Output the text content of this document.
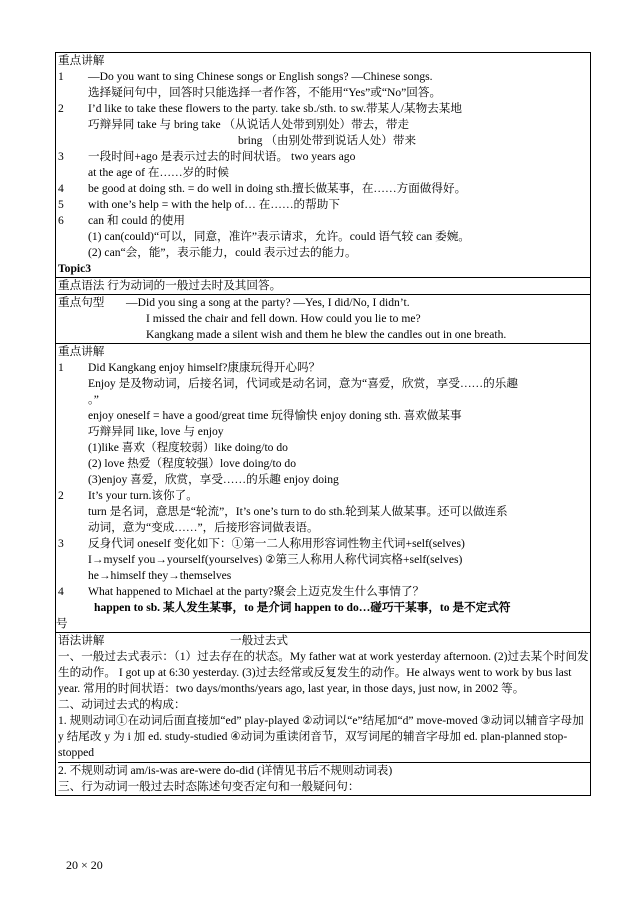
重点讲解
1	—Do you want to sing Chinese songs or English songs? —Chinese songs.
选择疑问句中，回答时只能选择一者作答，不能用“Yes”或“No”回答。
2	I’d like to take these flowers to the party. take sb./sth. to sw.带某人/某物去某地
巧辩异同 take 与 bring take （从说话人处带到别处）带去，带走
bring （由别处带到说话人处）带来
3	一段时间+ago 是表示过去的时间状语。 two years ago
at the age of 在……岁的时候
4	be good at doing sth. = do well in doing sth.擅长做某事，在……方面做得好。
5	with one’s help = with the help of… 在……的帮助下
6	can 和 could 的使用
(1) can(could)“可以，同意，准许”表示请求，允许。could 语气较 can 委婉。
(2) can“会，能”，表示能力，could 表示过去的能力。
Topic3

重点语法 行为动词的一般过去时及其回答。

重点句型 —Did you sing a song at the party? —Yes, I did/No, I didn’t.
I missed the chair and fell down. How could you lie to me?
Kangkang made a silent wish and them he blew the candles out in one breath.

重点讲解
1	Did Kangkang enjoy himself?康康玩得开心吗？
Enjoy 是及物动词，后接名词，代词或是动名词，意为“喜爱，欣赏，享受……的乐趣
。”
enjoy oneself = have a good/great time 玩得愉快 enjoy doning sth. 喜欢做某事
巧辩异同 like, love 与 enjoy
(1)like 喜欢（程度较弱）like doing/to do
(2) love 热爱（程度较强）love doing/to do
(3)enjoy 喜爱，欣赏，享受……的乐趣 enjoy doing
2	It’s your turn.该你了。
turn 是名词，意思是“轮流”，It’s one’s turn to do sth.轮到某人做某事。还可以做连系
动词，意为“变成……”，后接形容词做表语。
3	反身代词 oneself 变化如下：①第一二人称用形容词性物主代词+self(selves)
I→myself you→yourself(yourselves) ②第三人称用人称代词宾格+self(selves)
he→himself they→themselves
4	What happened to Michael at the party?聚会上迈克发生什么事情了？
happen to sb. 某人发生某事，to 是介词 happen to do…碰巧干某事，to 是不定式符
号

语法讲解	一般过去式
一、一般过去式表示：（1）过去存在的状态。My father wat at work yesterday afternoon. (2)过去某个时间发生的动作。 I got up at 6:30 yesterday. (3)过去经常或反复发生的动作。He always went to work by bus last year. 常用的时间状语：two days/months/years ago, last year, in those days, just now, in 2002 等。
二、动词过去式的构成：
1. 规则动词①在动词后面直接加“ed” play-played ②动词以“e”结尾加“d” move-moved ③动词以辅音字母加 y 结尾改 y 为 i 加 ed. study-studied ④动词为重读闭音节，双写词尾的辅音字母加 ed. plan-planned stop-stopped
2. 不规则动词 am/is-was are-were do-did (详情见书后不规则动词表)
三、行为动词一般过去时态陈述句变否定句和一般疑问句：
20 × 20
